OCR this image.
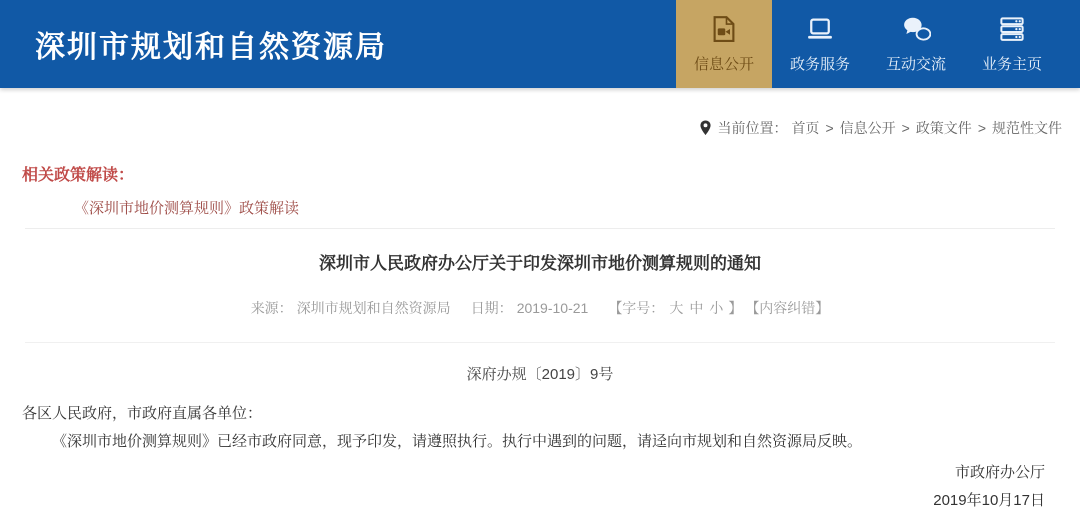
深圳市规划和自然资源局
信息公开 政务服务 互动交流 业务主页
当前位置： 首页 > 信息公开 > 政策文件 > 规范性文件
相关政策解读：
《深圳市地价测算规则》政策解读
深圳市人民政府办公厅关于印发深圳市地价测算规则的通知
来源： 深圳市规划和自然资源局 日期： 2019-10-21 【字号： 大 中 小 】 【内容纠错】
深府办规〔2019〕9号

各区人民政府，市政府直属各单位：

《深圳市地价测算规则》已经市政府同意，现予印发，请遵照执行。执行中遇到的问题，请迳向市规划和自然资源局反映。

市政府办公厅
2019年10月17日
